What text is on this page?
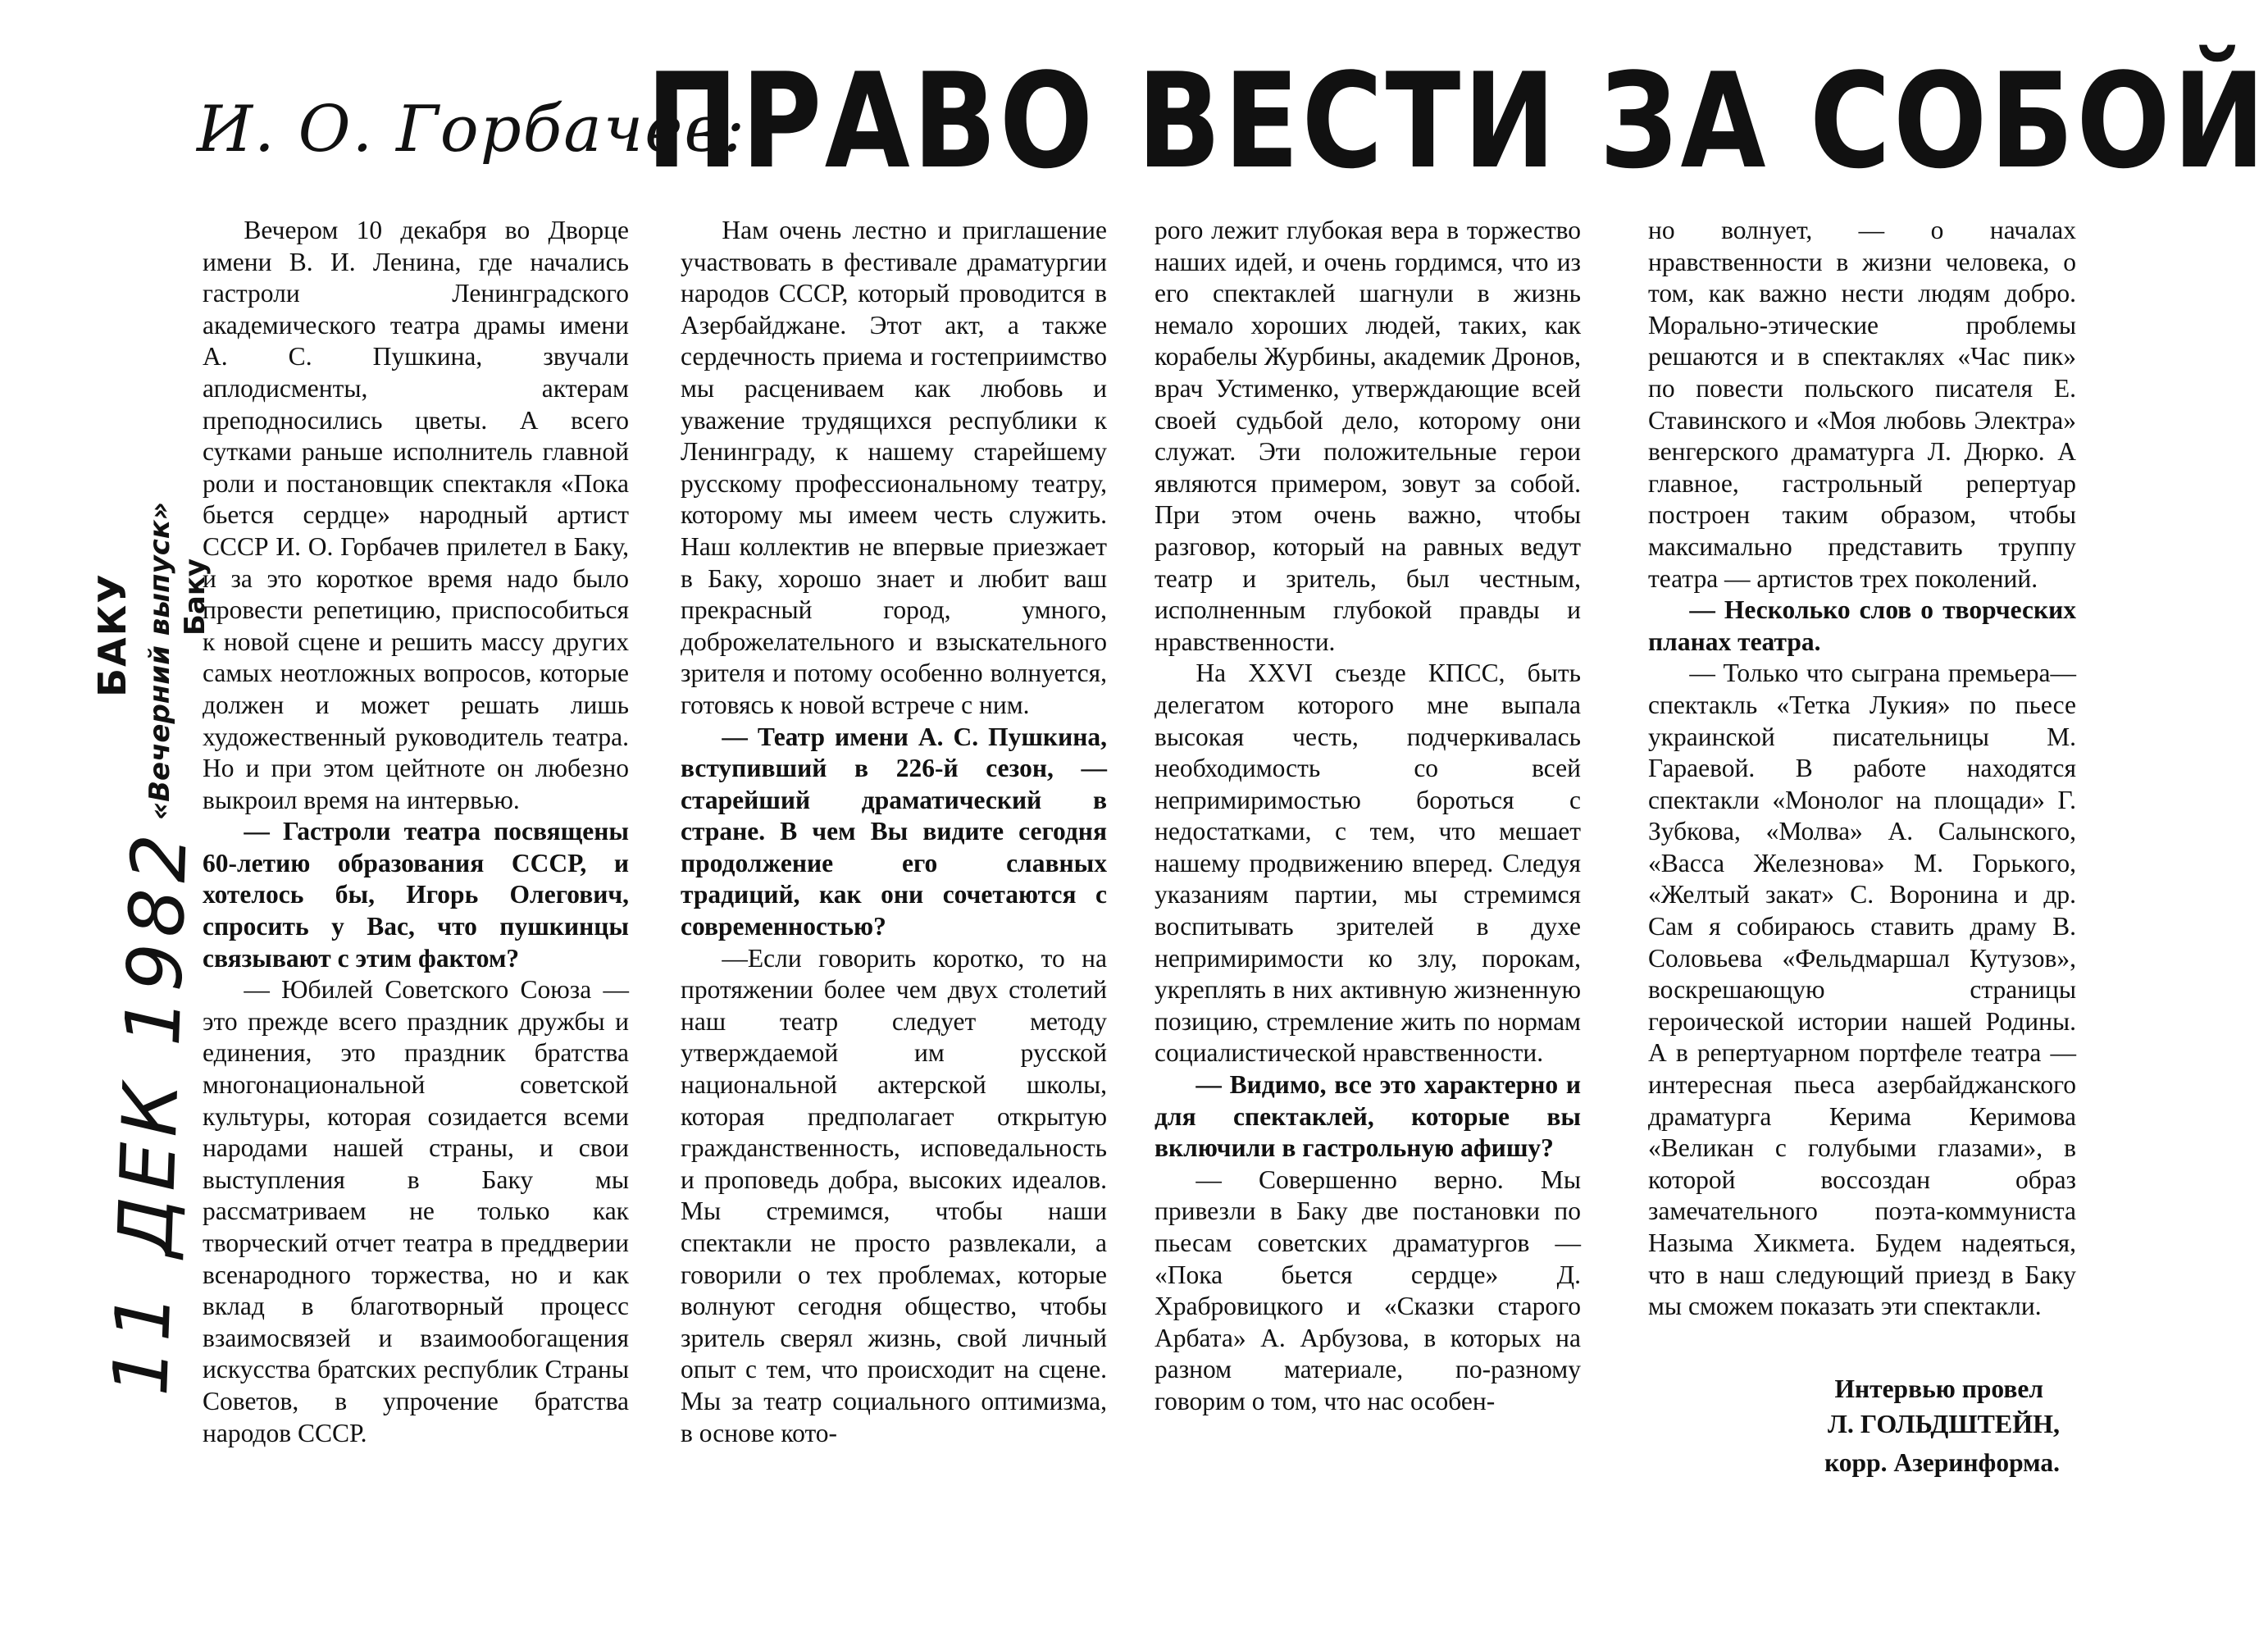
И. О. Горбачев:
ПРАВО ВЕСТИ ЗА СОБОЙ
БАКУ «Вечерний выпуск» Баку
11 ДЕК 1982

Вечером 10 декабря во Дворце имени В. И. Ленина, где начались гастроли Ленинградского академического театра драмы имени А. С. Пушкина, звучали аплодисменты, актерам преподносились цветы. А всего сутками раньше исполнитель главной роли и постановщик спектакля «Пока бьется сердце» народный артист СССР И. О. Горбачев прилетел в Баку, и за это короткое время надо было провести репетицию, приспособиться к новой сцене и решить массу других самых неотложных вопросов, которые должен и может решать лишь художественный руководитель театра. Но и при этом цейтноте он любезно выкроил время на интервью.

— Гастроли театра посвящены 60-летию образования СССР, и хотелось бы, Игорь Олегович, спросить у Вас, что пушкинцы связывают с этим фактом?

— Юбилей Советского Союза — это прежде всего праздник дружбы и единения, это праздник братства многонациональной советской культуры, которая созидается всеми народами нашей страны, и свои выступления в Баку мы рассматриваем не только как творческий отчет театра в преддверии всенародного торжества, но и как вклад в благотворный процесс взаимосвязей и взаимообогащения искусства братских республик Страны Советов, в упрочение братства народов СССР.

Нам очень лестно и приглашение участвовать в фестивале драматургии народов СССР, который проводится в Азербайджане. Этот акт, а также сердечность приема и гостеприимство мы расцениваем как любовь и уважение трудящихся республики к Ленинграду, к нашему старейшему русскому профессиональному театру, которому мы имеем честь служить. Наш коллектив не впервые приезжает в Баку, хорошо знает и любит ваш прекрасный город, умного, доброжелательного и взыскательного зрителя и потому особенно волнуется, готовясь к новой встрече с ним.

— Театр имени А. С. Пушкина, вступивший в 226-й сезон, — старейший драматический в стране. В чем Вы видите сегодня продолжение его славных традиций, как они сочетаются с современностью?

—Если говорить коротко, то на протяжении более чем двух столетий наш театр следует методу утверждаемой им русской национальной актерской школы, которая предполагает открытую гражданственность, исповедальность и проповедь добра, высоких идеалов. Мы стремимся, чтобы наши спектакли не просто развлекали, а говорили о тех проблемах, которые волнуют сегодня общество, чтобы зритель сверял жизнь, свой личный опыт с тем, что происходит на сцене. Мы за театр социального оптимизма, в основе кото-

рого лежит глубокая вера в торжество наших идей, и очень гордимся, что из его спектаклей шагнули в жизнь немало хороших людей, таких, как корабелы Журбины, академик Дронов, врач Устименко, утверждающие всей своей судьбой дело, которому они служат. Эти положительные герои являются примером, зовут за собой. При этом очень важно, чтобы разговор, который на равных ведут театр и зритель, был честным, исполненным глубокой правды и нравственности.

На XXVI съезде КПСС, быть делегатом которого мне выпала высокая честь, подчеркивалась необходимость со всей непримиримостью бороться с недостатками, с тем, что мешает нашему продвижению вперед. Следуя указаниям партии, мы стремимся воспитывать зрителей в духе непримиримости ко злу, порокам, укреплять в них активную жизненную позицию, стремление жить по нормам социалистической нравственности.

— Видимо, все это характерно и для спектаклей, которые вы включили в гастрольную афишу?

— Совершенно верно. Мы привезли в Баку две постановки по пьесам советских драматургов — «Пока бьется сердце» Д. Храбровицкого и «Сказки старого Арбата» А. Арбузова, в которых на разном материале, по-разному говорим о том, что нас особен-

но волнует, — о началах нравственности в жизни человека, о том, как важно нести людям добро. Морально-этические проблемы решаются и в спектаклях «Час пик» по повести польского писателя Е. Ставинского и «Моя любовь Электра» венгерского драматурга Л. Дюрко. А главное, гастрольный репертуар построен таким образом, чтобы максимально представить труппу театра — артистов трех поколений.

— Несколько слов о творческих планах театра.

— Только что сыграна премьера—спектакль «Тетка Лукия» по пьесе украинской писательницы М. Гараевой. В работе находятся спектакли «Монолог на площади» Г. Зубкова, «Молва» А. Салынского, «Васса Железнова» М. Горького, «Желтый закат» С. Воронина и др. Сам я собираюсь ставить драму В. Соловьева «Фельдмаршал Кутузов», воскрешающую страницы героической истории нашей Родины. А в репертуарном портфеле театра — интересная пьеса азербайджанского драматурга Керима Керимова «Великан с голубыми глазами», в которой воссоздан образ замечательного поэта-коммуниста Назыма Хикмета. Будем надеяться, что в наш следующий приезд в Баку мы сможем показать эти спектакли.

Интервью провел
Л. ГОЛЬДШТЕЙН,
корр. Азеринформа.
